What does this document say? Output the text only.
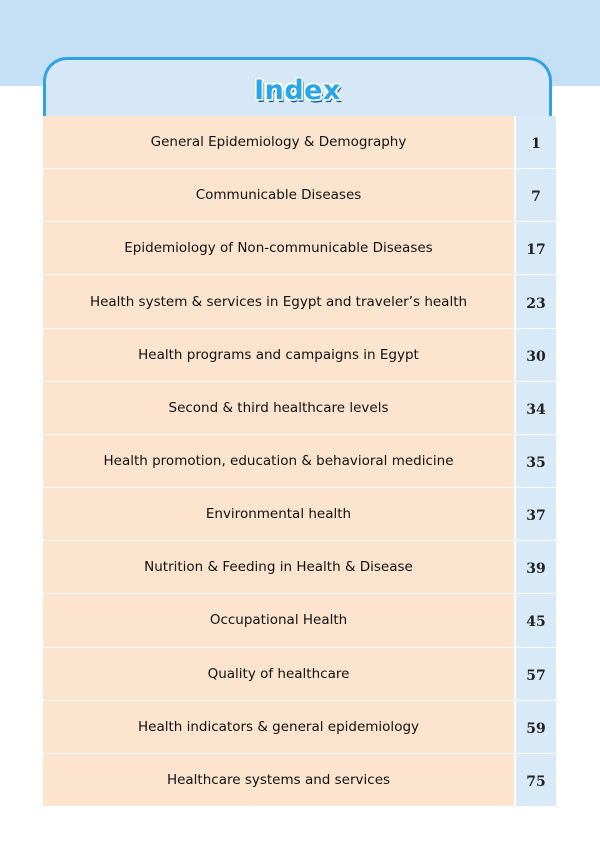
Index
General Epidemiology & Demography	1
Communicable Diseases	7
Epidemiology of Non-communicable Diseases	17
Health system & services in Egypt and traveler’s health	23
Health programs and campaigns in Egypt	30
Second & third healthcare levels	34
Health promotion, education & behavioral medicine	35
Environmental health	37
Nutrition & Feeding in Health & Disease	39
Occupational Health	45
Quality of healthcare	57
Health indicators & general epidemiology	59
Healthcare systems and services	75
